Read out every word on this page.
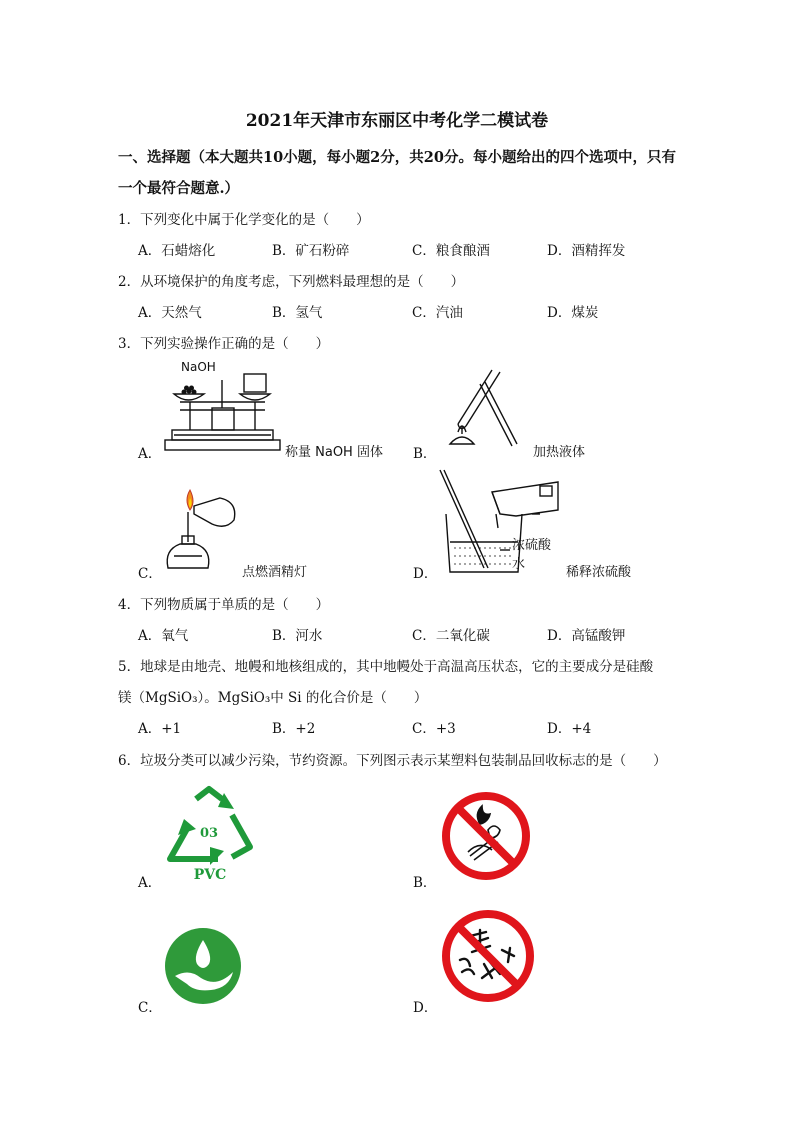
2021年天津市东丽区中考化学二模试卷
一、选择题（本大题共10小题，每小题2分，共20分。每小题给出的四个选项中，只有
一个最符合题意.）
1．下列变化中属于化学变化的是（　　）
A．石蜡熔化	B．矿石粉碎	C．粮食酿酒	D．酒精挥发
2．从环境保护的角度考虑，下列燃料最理想的是（　　）
A．天然气	B．氢气	C．汽油	D．煤炭
3．下列实验操作正确的是（　　）
NaOH
A．	称量 NaOH 固体 B．	加热液体
C．	点燃酒精灯
浓硫酸
水
D．	稀释浓硫酸
4．下列物质属于单质的是（　　）
A．氧气	B．河水	C．二氧化碳	D．高锰酸钾
5．地球是由地壳、地幔和地核组成的，其中地幔处于高温高压状态，它的主要成分是硅酸
镁（MgSiO₃）。MgSiO₃中 Si 的化合价是（　　）
A．+1	B．+2	C．+3	D．+4
6．垃圾分类可以减少污染，节约资源。下列图示表示某塑料包装制品回收标志的是（　　）
03
PVC
A．	B．
C．	D．
